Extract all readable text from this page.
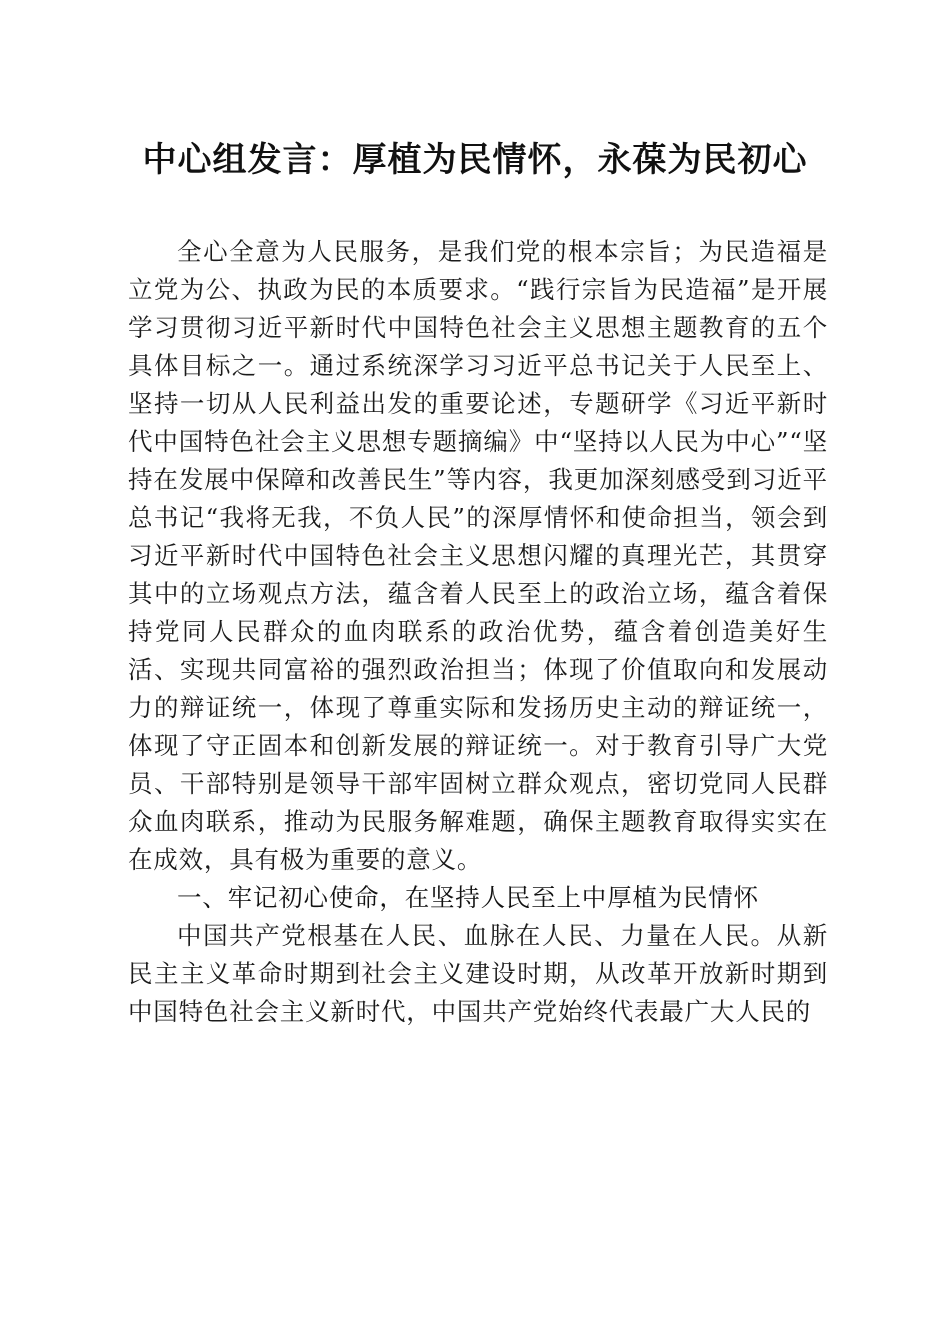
中心组发言：厚植为民情怀，永葆为民初心

全心全意为人民服务，是我们党的根本宗旨；为民造福是立党为公、执政为民的本质要求。“践行宗旨为民造福”是开展学习贯彻习近平新时代中国特色社会主义思想主题教育的五个具体目标之一。通过系统深学习习近平总书记关于人民至上、坚持一切从人民利益出发的重要论述，专题研学《习近平新时代中国特色社会主义思想专题摘编》中“坚持以人民为中心”“坚持在发展中保障和改善民生”等内容，我更加深刻感受到习近平总书记“我将无我，不负人民”的深厚情怀和使命担当，领会到习近平新时代中国特色社会主义思想闪耀的真理光芒，其贯穿其中的立场观点方法，蕴含着人民至上的政治立场，蕴含着保持党同人民群众的血肉联系的政治优势，蕴含着创造美好生活、实现共同富裕的强烈政治担当；体现了价值取向和发展动力的辩证统一，体现了尊重实际和发扬历史主动的辩证统一，体现了守正固本和创新发展的辩证统一。对于教育引导广大党员、干部特别是领导干部牢固树立群众观点，密切党同人民群众血肉联系，推动为民服务解难题，确保主题教育取得实实在在成效，具有极为重要的意义。

一、牢记初心使命，在坚持人民至上中厚植为民情怀

中国共产党根基在人民、血脉在人民、力量在人民。从新民主主义革命时期到社会主义建设时期，从改革开放新时期到中国特色社会主义新时代，中国共产党始终代表最广大人民的
